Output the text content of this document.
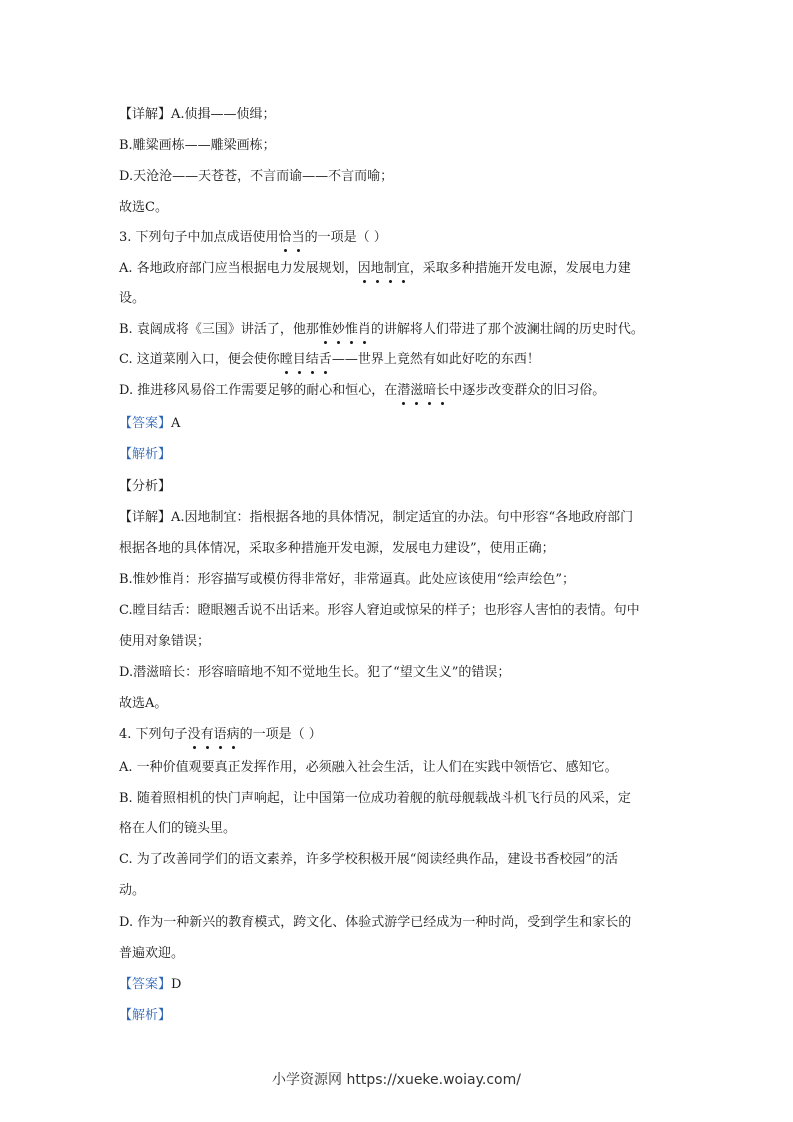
【详解】A.侦揖——侦缉；
B.雕粱画栋——雕梁画栋；
D.天沧沧——天苍苍，不言而谕——不言而喻；
故选C。
3. 下列句子中加点成语使用恰当的一项是（ ）
A. 各地政府部门应当根据电力发展规划，因地制宜，采取多种措施开发电源，发展电力建
设。
B. 袁阔成将《三国》讲活了，他那惟妙惟肖的讲解将人们带进了那个波澜壮阔的历史时代。
C. 这道菜刚入口，便会使你瞠目结舌——世界上竟然有如此好吃的东西！
D. 推进移风易俗工作需要足够的耐心和恒心，在潜滋暗长中逐步改变群众的旧习俗。
【答案】A
【解析】
【分析】
【详解】A.因地制宜：指根据各地的具体情况，制定适宜的办法。句中形容“各地政府部门
根据各地的具体情况，采取多种措施开发电源，发展电力建设”，使用正确；
B.惟妙惟肖：形容描写或模仿得非常好，非常逼真。此处应该使用“绘声绘色”；
C.瞠目结舌：瞪眼翘舌说不出话来。形容人窘迫或惊呆的样子；也形容人害怕的表情。句中
使用对象错误；
D.潜滋暗长：形容暗暗地不知不觉地生长。犯了“望文生义”的错误；
故选A。
4. 下列句子没有语病的一项是（ ）
A. 一种价值观要真正发挥作用，必须融入社会生活，让人们在实践中领悟它、感知它。
B. 随着照相机的快门声响起，让中国第一位成功着舰的航母舰载战斗机飞行员的风采，定
格在人们的镜头里。
C. 为了改善同学们的语文素养，许多学校积极开展“阅读经典作品，建设书香校园”的活
动。
D. 作为一种新兴的教育模式，跨文化、体验式游学已经成为一种时尚，受到学生和家长的
普遍欢迎。
【答案】D
【解析】
小学资源网 https://xueke.woiay.com/
